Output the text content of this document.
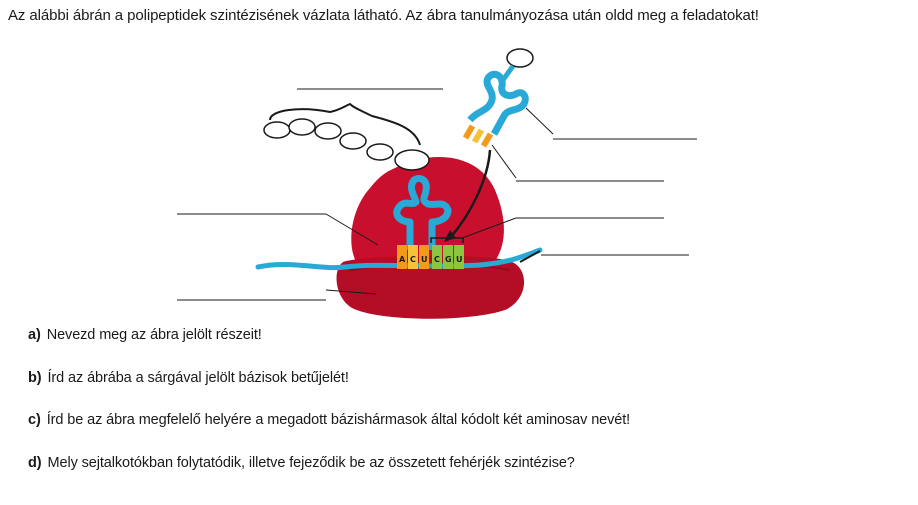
Az alábbi ábrán a polipeptidek szintézisének vázlata látható. Az ábra tanulmányozása után oldd meg a feladatokat!

A C U C G U

a) Nevezd meg az ábra jelölt részeit!

b) Írd az ábrába a sárgával jelölt bázisok betűjelét!

c) Írd be az ábra megfelelő helyére a megadott bázishármasok által kódolt két aminosav nevét!

d) Mely sejtalkotókban folytatódik, illetve fejeződik be az összetett fehérjék szintézise?
